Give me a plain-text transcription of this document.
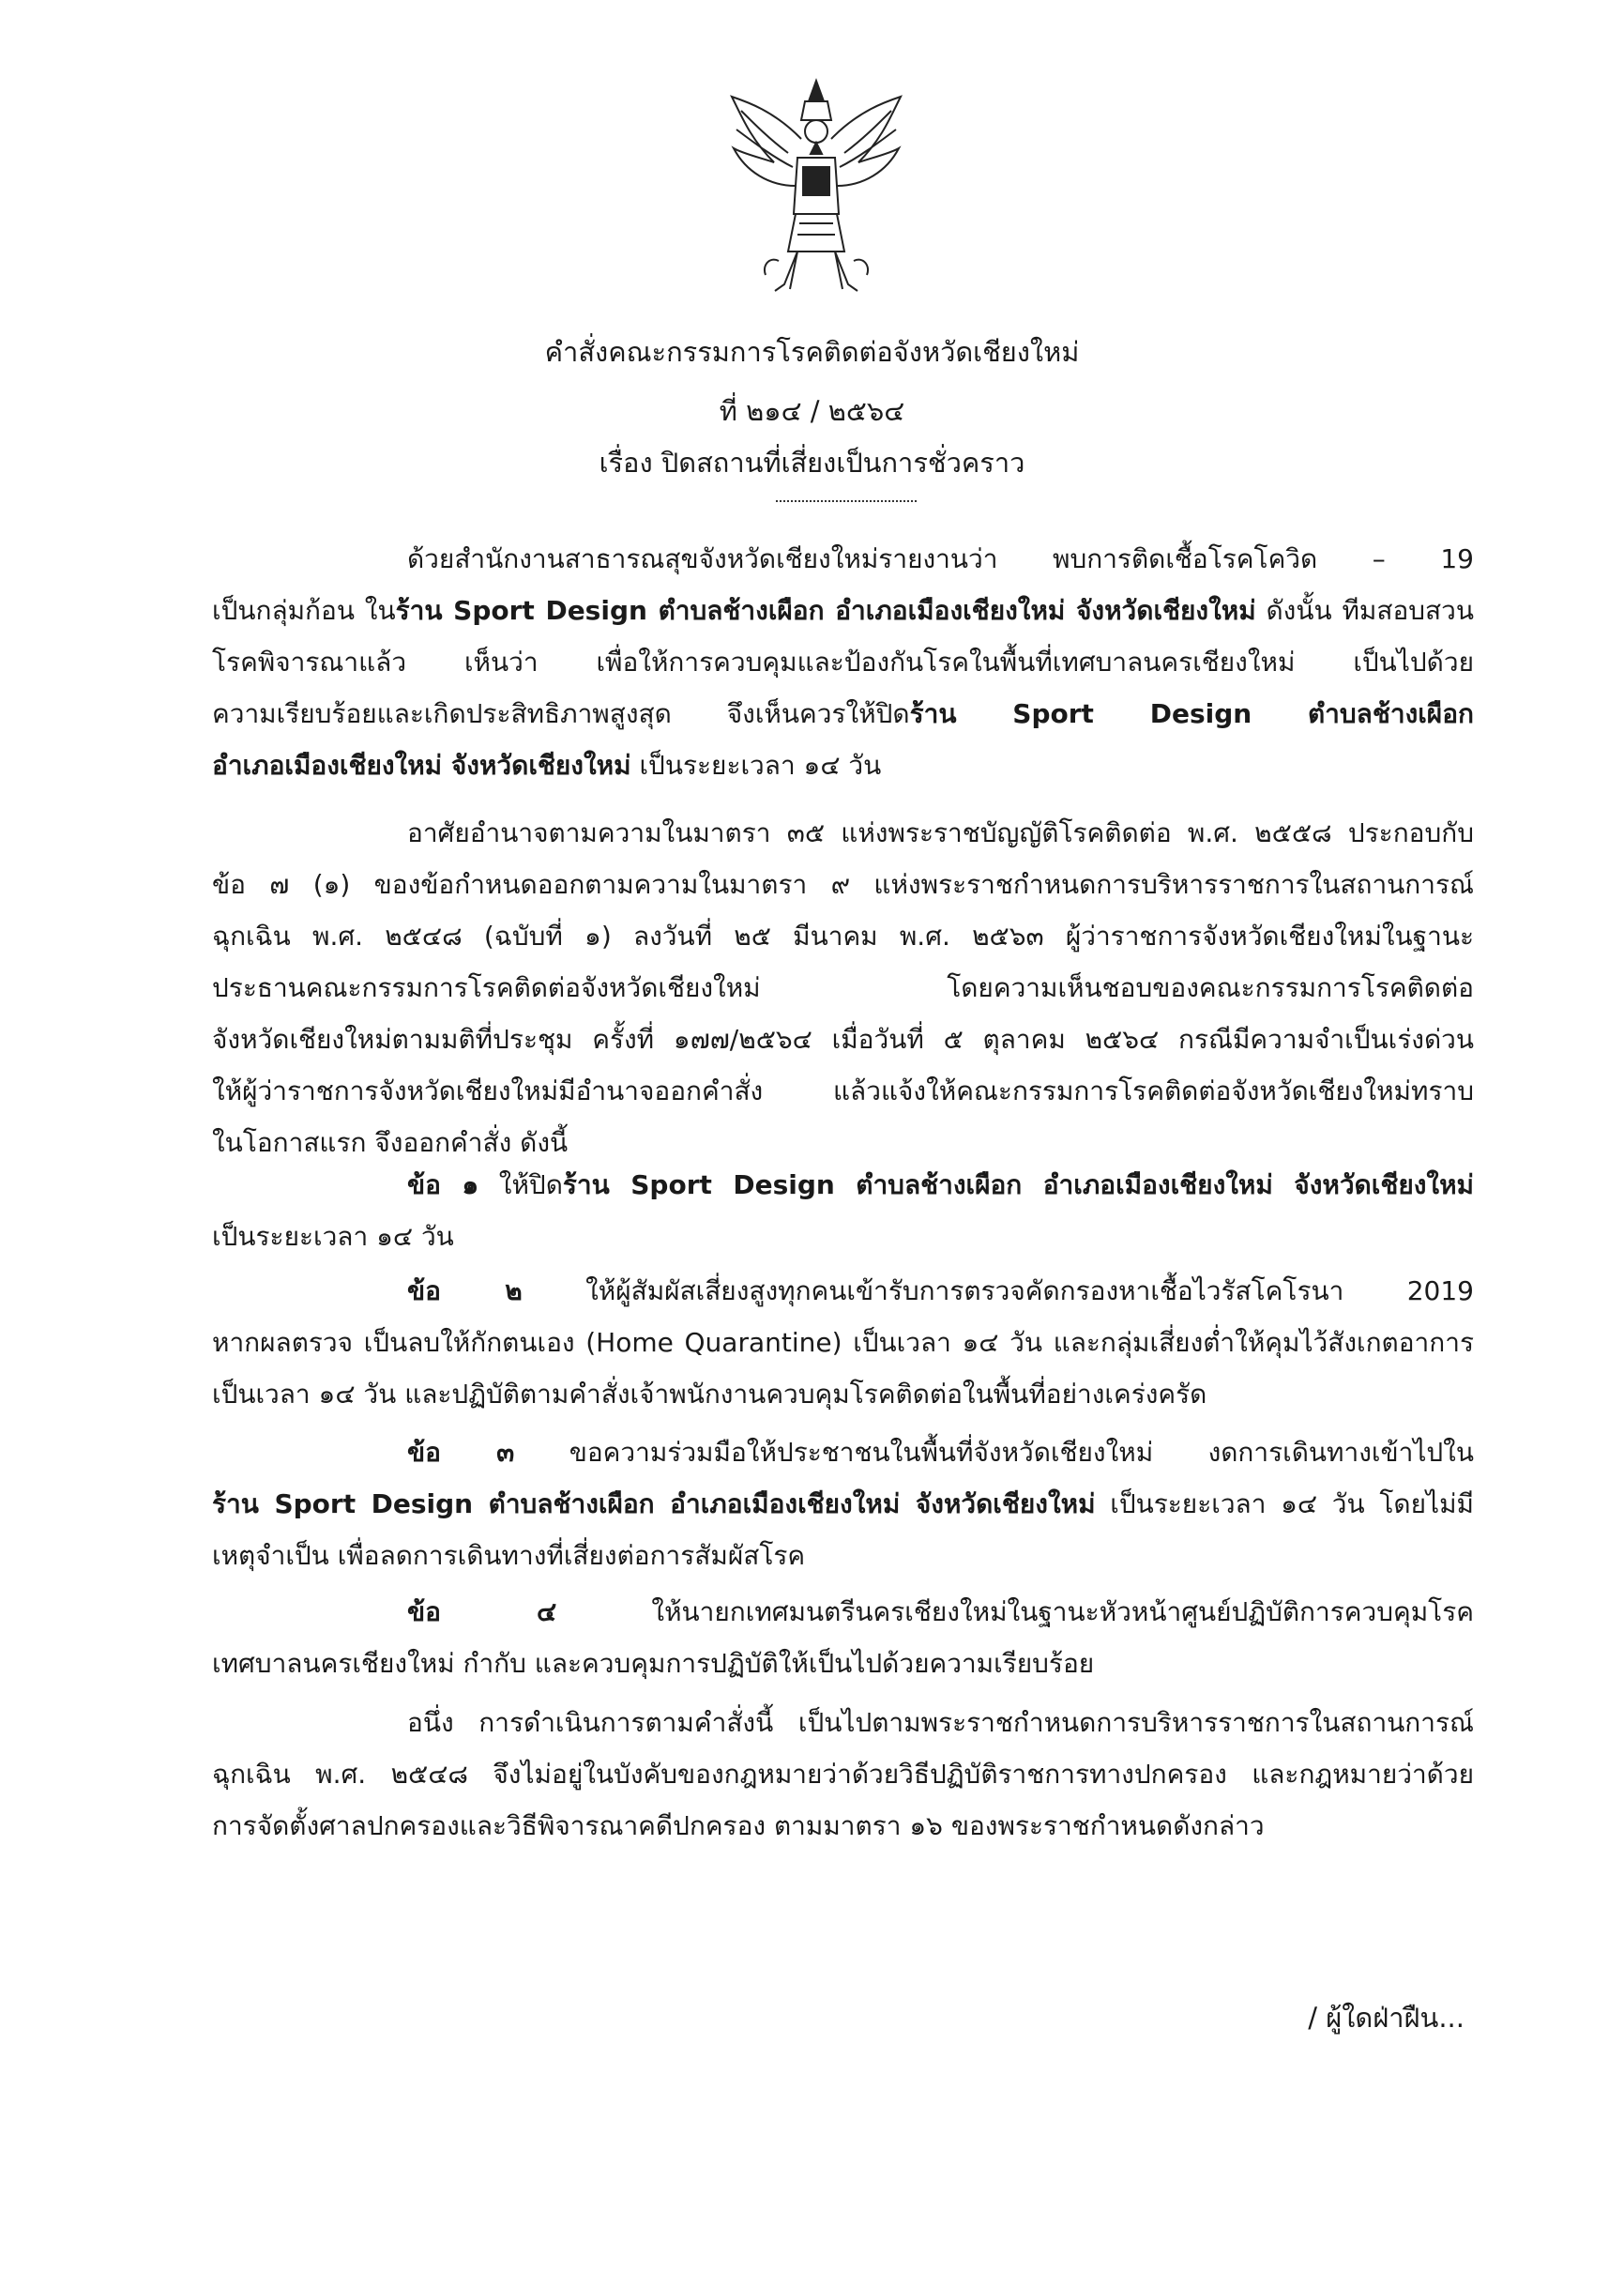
คำสั่งคณะกรรมการโรคติดต่อจังหวัดเชียงใหม่
ที่ ๒๑๔ / ๒๕๖๔
เรื่อง ปิดสถานที่เสี่ยงเป็นการชั่วคราว
ด้วยสำนักงานสาธารณสุขจังหวัดเชียงใหม่รายงานว่า พบการติดเชื้อโรคโควิด – 19
เป็นกลุ่มก้อน ในร้าน Sport Design ตำบลช้างเผือก อำเภอเมืองเชียงใหม่ จังหวัดเชียงใหม่ ดังนั้น ทีมสอบสวน
โรคพิจารณาแล้ว เห็นว่า เพื่อให้การควบคุมและป้องกันโรคในพื้นที่เทศบาลนครเชียงใหม่ เป็นไปด้วย
ความเรียบร้อยและเกิดประสิทธิภาพสูงสุด จึงเห็นควรให้ปิดร้าน Sport Design ตำบลช้างเผือก
อำเภอเมืองเชียงใหม่ จังหวัดเชียงใหม่ เป็นระยะเวลา ๑๔ วัน
อาศัยอำนาจตามความในมาตรา ๓๕ แห่งพระราชบัญญัติโรคติดต่อ พ.ศ. ๒๕๕๘ ประกอบกับ
ข้อ ๗ (๑) ของข้อกำหนดออกตามความในมาตรา ๙ แห่งพระราชกำหนดการบริหารราชการในสถานการณ์
ฉุกเฉิน พ.ศ. ๒๕๔๘ (ฉบับที่ ๑) ลงวันที่ ๒๕ มีนาคม พ.ศ. ๒๕๖๓ ผู้ว่าราชการจังหวัดเชียงใหม่ในฐานะ
ประธานคณะกรรมการโรคติดต่อจังหวัดเชียงใหม่ โดยความเห็นชอบของคณะกรรมการโรคติดต่อ
จังหวัดเชียงใหม่ตามมติที่ประชุม ครั้งที่ ๑๗๗/๒๕๖๔ เมื่อวันที่ ๕ ตุลาคม ๒๕๖๔ กรณีมีความจำเป็นเร่งด่วน
ให้ผู้ว่าราชการจังหวัดเชียงใหม่มีอำนาจออกคำสั่ง แล้วแจ้งให้คณะกรรมการโรคติดต่อจังหวัดเชียงใหม่ทราบ
ในโอกาสแรก จึงออกคำสั่ง ดังนี้
ข้อ ๑ ให้ปิดร้าน Sport Design ตำบลช้างเผือก อำเภอเมืองเชียงใหม่ จังหวัดเชียงใหม่
เป็นระยะเวลา ๑๔ วัน
ข้อ ๒ ให้ผู้สัมผัสเสี่ยงสูงทุกคนเข้ารับการตรวจคัดกรองหาเชื้อไวรัสโคโรนา 2019
หากผลตรวจ เป็นลบให้กักตนเอง (Home Quarantine) เป็นเวลา ๑๔ วัน และกลุ่มเสี่ยงต่ำให้คุมไว้สังเกตอาการ
เป็นเวลา ๑๔ วัน และปฏิบัติตามคำสั่งเจ้าพนักงานควบคุมโรคติดต่อในพื้นที่อย่างเคร่งครัด
ข้อ ๓ ขอความร่วมมือให้ประชาชนในพื้นที่จังหวัดเชียงใหม่ งดการเดินทางเข้าไปใน
ร้าน Sport Design ตำบลช้างเผือก อำเภอเมืองเชียงใหม่ จังหวัดเชียงใหม่ เป็นระยะเวลา ๑๔ วัน โดยไม่มี
เหตุจำเป็น เพื่อลดการเดินทางที่เสี่ยงต่อการสัมผัสโรค
ข้อ ๔ ให้นายกเทศมนตรีนครเชียงใหม่ในฐานะหัวหน้าศูนย์ปฏิบัติการควบคุมโรค
เทศบาลนครเชียงใหม่ กำกับ และควบคุมการปฏิบัติให้เป็นไปด้วยความเรียบร้อย
อนึ่ง การดำเนินการตามคำสั่งนี้ เป็นไปตามพระราชกำหนดการบริหารราชการในสถานการณ์
ฉุกเฉิน พ.ศ. ๒๕๔๘ จึงไม่อยู่ในบังคับของกฎหมายว่าด้วยวิธีปฏิบัติราชการทางปกครอง และกฎหมายว่าด้วย
การจัดตั้งศาลปกครองและวิธีพิจารณาคดีปกครอง ตามมาตรา ๑๖ ของพระราชกำหนดดังกล่าว
/ ผู้ใดฝ่าฝืน...
